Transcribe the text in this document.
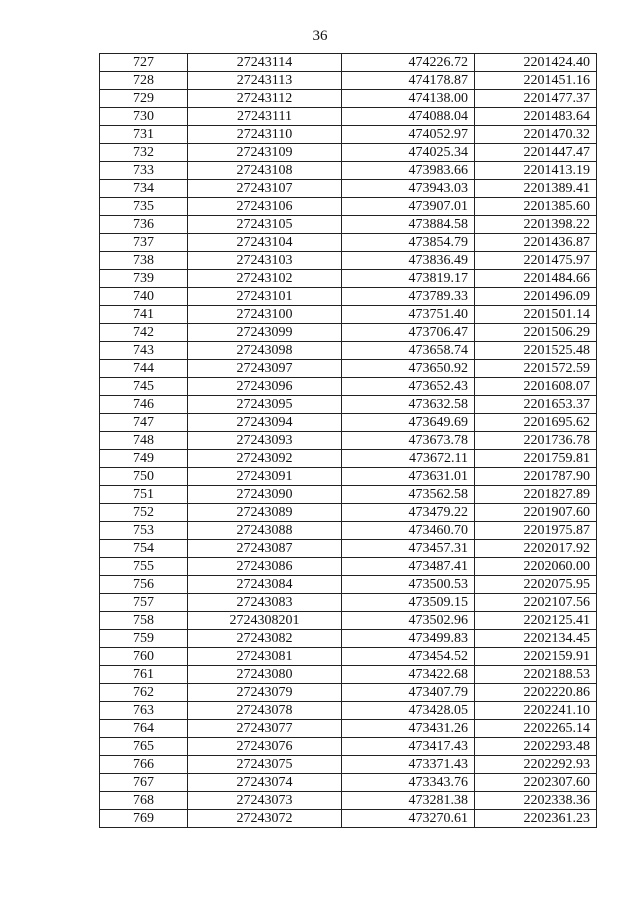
36
727	27243114	474226.72	2201424.40
728	27243113	474178.87	2201451.16
729	27243112	474138.00	2201477.37
730	27243111	474088.04	2201483.64
731	27243110	474052.97	2201470.32
732	27243109	474025.34	2201447.47
733	27243108	473983.66	2201413.19
734	27243107	473943.03	2201389.41
735	27243106	473907.01	2201385.60
736	27243105	473884.58	2201398.22
737	27243104	473854.79	2201436.87
738	27243103	473836.49	2201475.97
739	27243102	473819.17	2201484.66
740	27243101	473789.33	2201496.09
741	27243100	473751.40	2201501.14
742	27243099	473706.47	2201506.29
743	27243098	473658.74	2201525.48
744	27243097	473650.92	2201572.59
745	27243096	473652.43	2201608.07
746	27243095	473632.58	2201653.37
747	27243094	473649.69	2201695.62
748	27243093	473673.78	2201736.78
749	27243092	473672.11	2201759.81
750	27243091	473631.01	2201787.90
751	27243090	473562.58	2201827.89
752	27243089	473479.22	2201907.60
753	27243088	473460.70	2201975.87
754	27243087	473457.31	2202017.92
755	27243086	473487.41	2202060.00
756	27243084	473500.53	2202075.95
757	27243083	473509.15	2202107.56
758	2724308201	473502.96	2202125.41
759	27243082	473499.83	2202134.45
760	27243081	473454.52	2202159.91
761	27243080	473422.68	2202188.53
762	27243079	473407.79	2202220.86
763	27243078	473428.05	2202241.10
764	27243077	473431.26	2202265.14
765	27243076	473417.43	2202293.48
766	27243075	473371.43	2202292.93
767	27243074	473343.76	2202307.60
768	27243073	473281.38	2202338.36
769	27243072	473270.61	2202361.23
